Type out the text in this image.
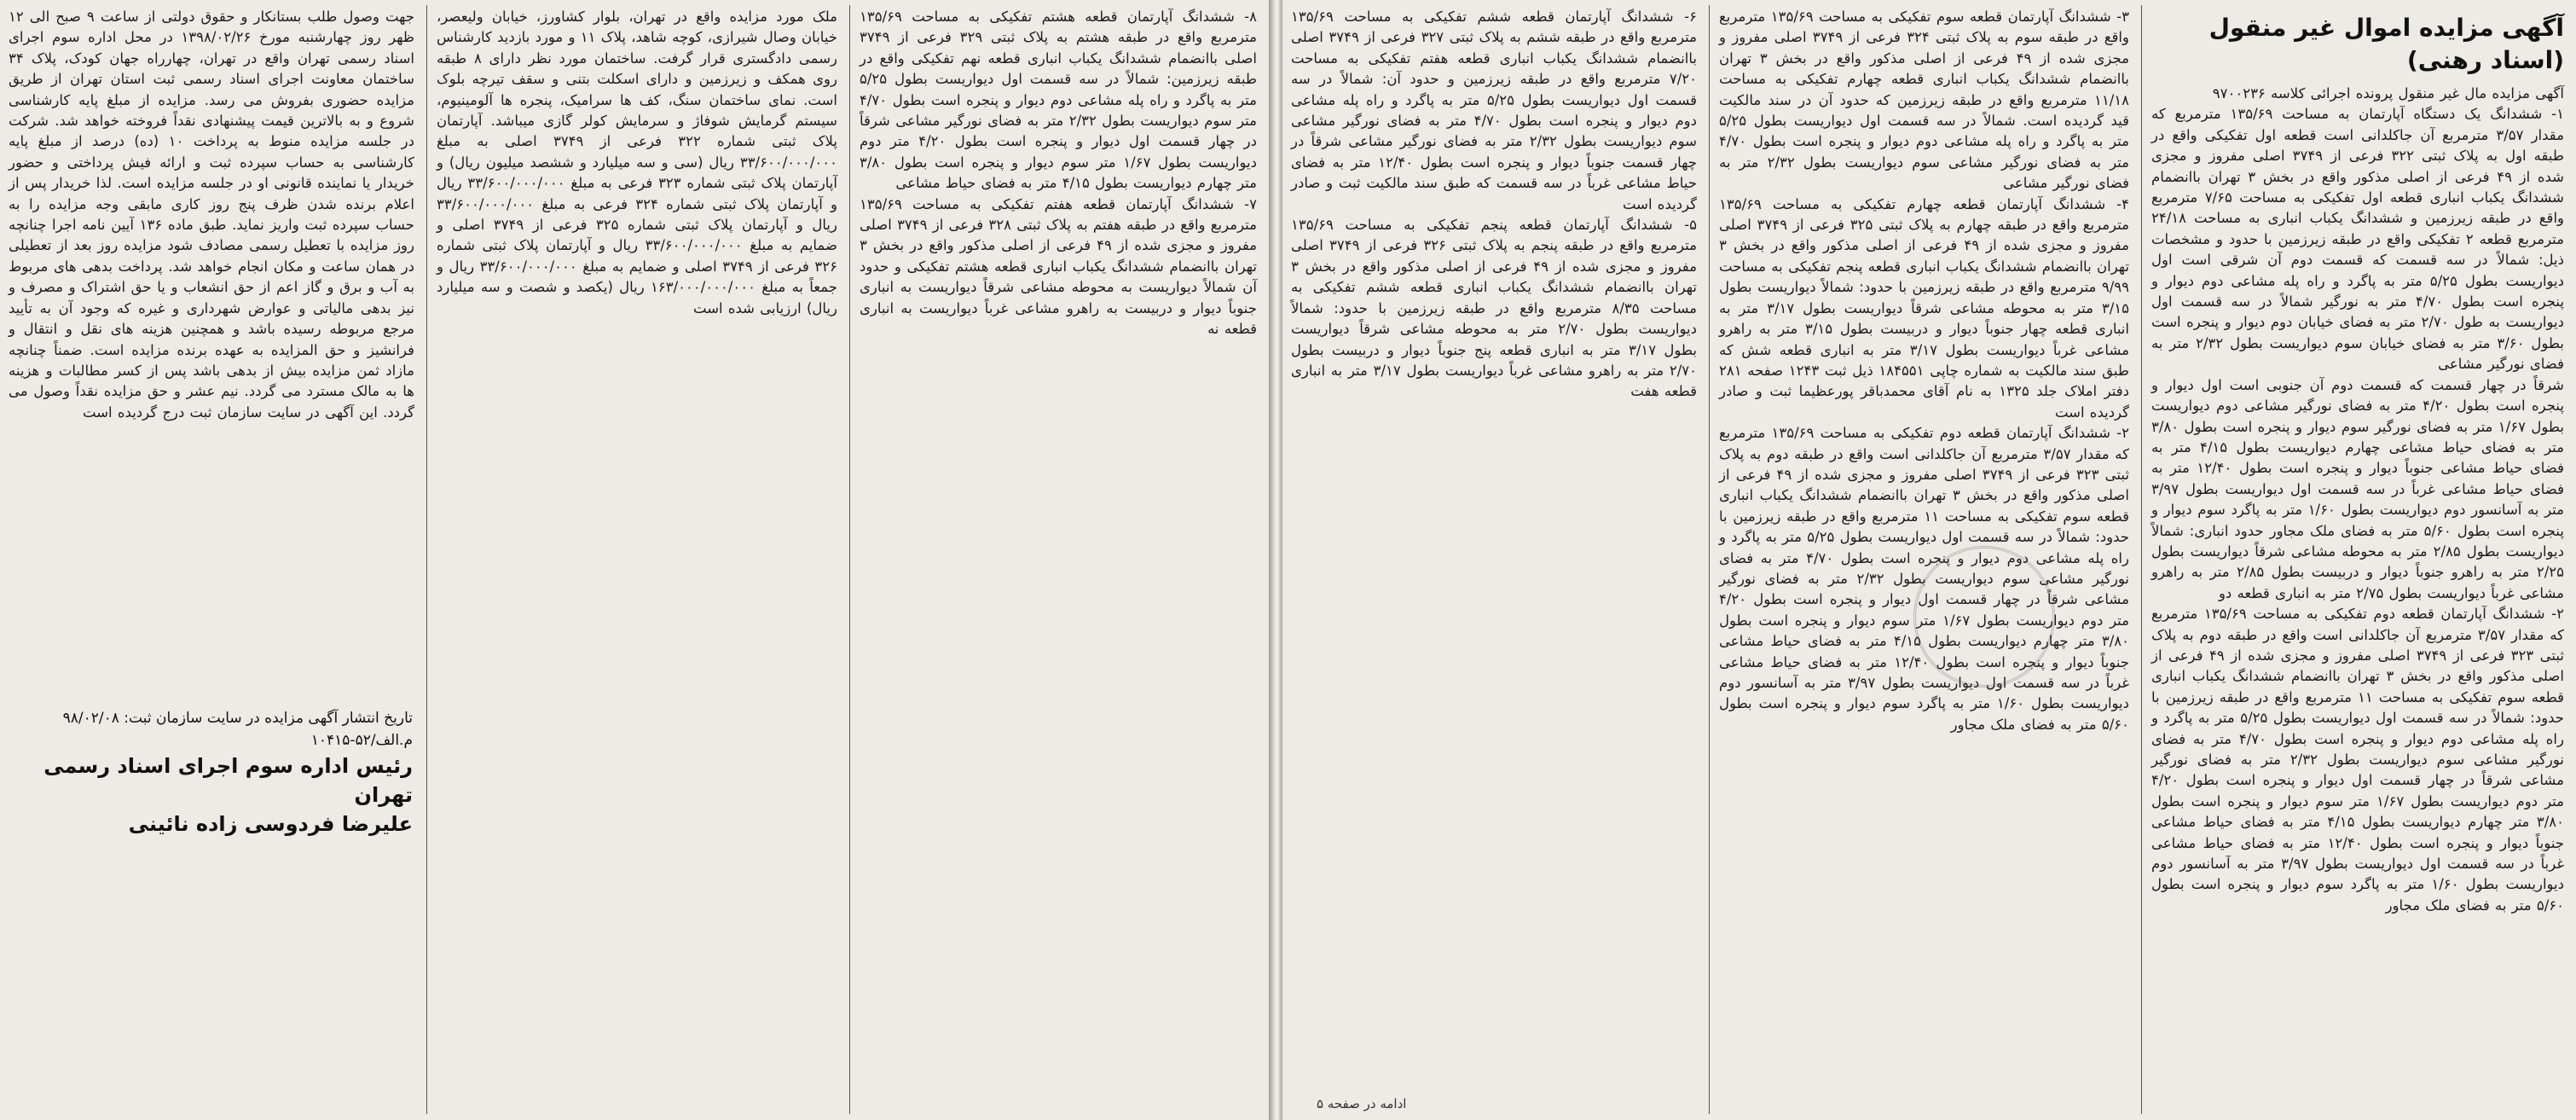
جهت وصول طلب بستانکار و حقوق دولتی از ساعت ۹ صبح الی ۱۲ ظهر روز چهارشنبه مورخ ۱۳۹۸/۰۲/۲۶ در محل اداره سوم اجرای اسناد رسمی تهران واقع در تهران، چهارراه جهان کودک، پلاک ۳۴ ساختمان معاونت اجرای اسناد رسمی ثبت استان تهران از طریق مزایده حضوری بفروش می رسد. مزایده از مبلغ پایه کارشناسی شروع و به بالاترین قیمت پیشنهادی نقداً فروخته خواهد شد. شرکت در جلسه مزایده منوط به پرداخت ۱۰ (ده) درصد از مبلغ پایه کارشناسی به حساب سپرده ثبت و ارائه فیش پرداختی و حضور خریدار یا نماینده قانونی او در جلسه مزایده است. لذا خریدار پس از اعلام برنده شدن ظرف پنج روز کاری مابقی وجه مزایده را به حساب سپرده ثبت واریز نماید. طبق ماده ۱۳۶ آیین نامه اجرا چنانچه روز مزایده با تعطیل رسمی مصادف شود مزایده روز بعد از تعطیلی در همان ساعت و مکان انجام خواهد شد. پرداخت بدهی های مربوط به آب و برق و گاز اعم از حق انشعاب و یا حق اشتراک و مصرف و نیز بدهی مالیاتی و عوارض شهرداری و غیره که وجود آن به تأیید مرجع مربوطه رسیده باشد و همچنین هزینه های نقل و انتقال و فرانشیز و حق المزایده به عهده برنده مزایده است. ضمناً چنانچه مازاد ثمن مزایده بیش از بدهی باشد پس از کسر مطالبات و هزینه ها به مالک مسترد می گردد. نیم عشر و حق مزایده نقداً وصول می گردد. این آگهی در سایت سازمان ثبت درج گردیده است
تاریخ انتشار آگهی مزایده در سایت سازمان ثبت: ۹۸/۰۲/۰۸
م.الف/۵۲-۱۰۴۱۵
رئیس اداره سوم اجرای اسناد رسمی تهران
علیرضا فردوسی زاده نائینی
ملک مورد مزایده واقع در تهران، بلوار کشاورز، خیابان ولیعصر، خیابان وصال شیرازی، کوچه شاهد، پلاک ۱۱ و مورد بازدید کارشناس رسمی دادگستری قرار گرفت. ساختمان مورد نظر دارای ۸ طبقه روی همکف و زیرزمین و دارای اسکلت بتنی و سقف تیرچه بلوک است. نمای ساختمان سنگ، کف ها سرامیک، پنجره ها آلومینیوم، سیستم گرمایش شوفاژ و سرمایش کولر گازی میباشد. آپارتمان پلاک ثبتی شماره ۳۲۲ فرعی از ۳۷۴۹ اصلی به مبلغ ۳۳/۶۰۰/۰۰۰/۰۰۰ ریال (سی و سه میلیارد و ششصد میلیون ریال) و آپارتمان پلاک ثبتی شماره ۳۲۳ فرعی به مبلغ ۳۳/۶۰۰/۰۰۰/۰۰۰ ریال و آپارتمان پلاک ثبتی شماره ۳۲۴ فرعی به مبلغ ۳۳/۶۰۰/۰۰۰/۰۰۰ ریال و آپارتمان پلاک ثبتی شماره ۳۲۵ فرعی از ۳۷۴۹ اصلی و ضمایم به مبلغ ۳۳/۶۰۰/۰۰۰/۰۰۰ ریال و آپارتمان پلاک ثبتی شماره ۳۲۶ فرعی از ۳۷۴۹ اصلی و ضمایم به مبلغ ۳۳/۶۰۰/۰۰۰/۰۰۰ ریال و جمعاً به مبلغ ۱۶۳/۰۰۰/۰۰۰/۰۰۰ ریال (یکصد و شصت و سه میلیارد ریال) ارزیابی شده است
۸- ششدانگ آپارتمان قطعه هشتم تفکیکی به مساحت ۱۳۵/۶۹ مترمربع واقع در طبقه هشتم به پلاک ثبتی ۳۲۹ فرعی از ۳۷۴۹ اصلی باانضمام ششدانگ یکباب انباری قطعه نهم تفکیکی واقع در طبقه زیرزمین: شمالاً در سه قسمت اول دیواریست بطول ۵/۲۵ متر به پاگرد و راه پله مشاعی دوم دیوار و پنجره است بطول ۴/۷۰ متر سوم دیواریست بطول ۲/۳۲ متر به فضای نورگیر مشاعی شرقاً در چهار قسمت اول دیوار و پنجره است بطول ۴/۲۰ متر دوم دیواریست بطول ۱/۶۷ متر سوم دیوار و پنجره است بطول ۳/۸۰ متر چهارم دیواریست بطول ۴/۱۵ متر به فضای حیاط مشاعی
۷- ششدانگ آپارتمان قطعه هفتم تفکیکی به مساحت ۱۳۵/۶۹ مترمربع واقع در طبقه هفتم به پلاک ثبتی ۳۲۸ فرعی از ۳۷۴۹ اصلی مفروز و مجزی شده از ۴۹ فرعی از اصلی مذکور واقع در بخش ۳ تهران باانضمام ششدانگ یکباب انباری قطعه هشتم تفکیکی و حدود آن شمالاً دیواریست به محوطه مشاعی شرقاً دیواریست به انباری جنوباً دیوار و دربیست به راهرو مشاعی غرباً دیواریست به انباری قطعه نه
۶- ششدانگ آپارتمان قطعه ششم تفکیکی به مساحت ۱۳۵/۶۹ مترمربع واقع در طبقه ششم به پلاک ثبتی ۳۲۷ فرعی از ۳۷۴۹ اصلی باانضمام ششدانگ یکباب انباری قطعه هفتم تفکیکی به مساحت ۷/۲۰ مترمربع واقع در طبقه زیرزمین و حدود آن: شمالاً در سه قسمت اول دیواریست بطول ۵/۲۵ متر به پاگرد و راه پله مشاعی دوم دیوار و پنجره است بطول ۴/۷۰ متر به فضای نورگیر مشاعی سوم دیواریست بطول ۲/۳۲ متر به فضای نورگیر مشاعی شرقاً در چهار قسمت جنوباً دیوار و پنجره است بطول ۱۲/۴۰ متر به فضای حیاط مشاعی غرباً در سه قسمت که طبق سند مالکیت ثبت و صادر گردیده است
۵- ششدانگ آپارتمان قطعه پنجم تفکیکی به مساحت ۱۳۵/۶۹ مترمربع واقع در طبقه پنجم به پلاک ثبتی ۳۲۶ فرعی از ۳۷۴۹ اصلی مفروز و مجزی شده از ۴۹ فرعی از اصلی مذکور واقع در بخش ۳ تهران باانضمام ششدانگ یکباب انباری قطعه ششم تفکیکی به مساحت ۸/۳۵ مترمربع واقع در طبقه زیرزمین با حدود: شمالاً دیواریست بطول ۲/۷۰ متر به محوطه مشاعی شرقاً دیواریست بطول ۳/۱۷ متر به انباری قطعه پنج جنوباً دیوار و دربیست بطول ۲/۷۰ متر به راهرو مشاعی غرباً دیواریست بطول ۳/۱۷ متر به انباری قطعه هفت
ادامه در صفحه ۵
۳- ششدانگ آپارتمان قطعه سوم تفکیکی به مساحت ۱۳۵/۶۹ مترمربع واقع در طبقه سوم به پلاک ثبتی ۳۲۴ فرعی از ۳۷۴۹ اصلی مفروز و مجزی شده از ۴۹ فرعی از اصلی مذکور واقع در بخش ۳ تهران باانضمام ششدانگ یکباب انباری قطعه چهارم تفکیکی به مساحت ۱۱/۱۸ مترمربع واقع در طبقه زیرزمین که حدود آن در سند مالکیت قید گردیده است. شمالاً در سه قسمت اول دیواریست بطول ۵/۲۵ متر به پاگرد و راه پله مشاعی دوم دیوار و پنجره است بطول ۴/۷۰ متر به فضای نورگیر مشاعی سوم دیواریست بطول ۲/۳۲ متر به فضای نورگیر مشاعی
۴- ششدانگ آپارتمان قطعه چهارم تفکیکی به مساحت ۱۳۵/۶۹ مترمربع واقع در طبقه چهارم به پلاک ثبتی ۳۲۵ فرعی از ۳۷۴۹ اصلی مفروز و مجزی شده از ۴۹ فرعی از اصلی مذکور واقع در بخش ۳ تهران باانضمام ششدانگ یکباب انباری قطعه پنجم تفکیکی به مساحت ۹/۹۹ مترمربع واقع در طبقه زیرزمین با حدود: شمالاً دیواریست بطول ۳/۱۵ متر به محوطه مشاعی شرقاً دیواریست بطول ۳/۱۷ متر به انباری قطعه چهار جنوباً دیوار و دربیست بطول ۳/۱۵ متر به راهرو مشاعی غرباً دیواریست بطول ۳/۱۷ متر به انباری قطعه شش که طبق سند مالکیت به شماره چاپی ۱۸۴۵۵۱ ذیل ثبت ۱۲۴۳ صفحه ۲۸۱ دفتر املاک جلد ۱۳۲۵ به نام آقای محمدباقر پورعظیما ثبت و صادر گردیده است
۲- ششدانگ آپارتمان قطعه دوم تفکیکی به مساحت ۱۳۵/۶۹ مترمربع که مقدار ۳/۵۷ مترمربع آن جاکلدانی است واقع در طبقه دوم به پلاک ثبتی ۳۲۳ فرعی از ۳۷۴۹ اصلی مفروز و مجزی شده از ۴۹ فرعی از اصلی مذکور واقع در بخش ۳ تهران باانضمام ششدانگ یکباب انباری قطعه سوم تفکیکی به مساحت ۱۱ مترمربع واقع در طبقه زیرزمین با حدود: شمالاً در سه قسمت اول دیواریست بطول ۵/۲۵ متر به پاگرد و راه پله مشاعی دوم دیوار و پنجره است بطول ۴/۷۰ متر به فضای نورگیر مشاعی سوم دیواریست بطول ۲/۳۲ متر به فضای نورگیر مشاعی شرقاً در چهار قسمت اول دیوار و پنجره است بطول ۴/۲۰ متر دوم دیواریست بطول ۱/۶۷ متر سوم دیوار و پنجره است بطول ۳/۸۰ متر چهارم دیواریست بطول ۴/۱۵ متر به فضای حیاط مشاعی جنوباً دیوار و پنجره است بطول ۱۲/۴۰ متر به فضای حیاط مشاعی غرباً در سه قسمت اول دیواریست بطول ۳/۹۷ متر به آسانسور دوم دیواریست بطول ۱/۶۰ متر به پاگرد سوم دیوار و پنجره است بطول ۵/۶۰ متر به فضای ملک مجاور
آگهی مزایده اموال غیر منقول (اسناد رهنی)
آگهی مزایده مال غیر منقول پرونده اجرائی کلاسه ۹۷۰۰۲۳۶
۱- ششدانگ یک دستگاه آپارتمان به مساحت ۱۳۵/۶۹ مترمربع که مقدار ۳/۵۷ مترمربع آن جاکلدانی است قطعه اول تفکیکی واقع در طبقه اول به پلاک ثبتی ۳۲۲ فرعی از ۳۷۴۹ اصلی مفروز و مجزی شده از ۴۹ فرعی از اصلی مذکور واقع در بخش ۳ تهران باانضمام ششدانگ یکباب انباری قطعه اول تفکیکی به مساحت ۷/۶۵ مترمربع واقع در طبقه زیرزمین و ششدانگ یکباب انباری به مساحت ۲۴/۱۸ مترمربع قطعه ۲ تفکیکی واقع در طبقه زیرزمین با حدود و مشخصات ذیل: شمالاً در سه قسمت که قسمت دوم آن شرقی است اول دیواریست بطول ۵/۲۵ متر به پاگرد و راه پله مشاعی دوم دیوار و پنجره است بطول ۴/۷۰ متر به نورگیر شمالاً در سه قسمت اول دیواریست به طول ۲/۷۰ متر به فضای خیابان دوم دیوار و پنجره است بطول ۳/۶۰ متر به فضای خیابان سوم دیواریست بطول ۲/۳۲ متر به فضای نورگیر مشاعی
شرقاً در چهار قسمت که قسمت دوم آن جنوبی است اول دیوار و پنجره است بطول ۴/۲۰ متر به فضای نورگیر مشاعی دوم دیواریست بطول ۱/۶۷ متر به فضای نورگیر سوم دیوار و پنجره است بطول ۳/۸۰ متر به فضای حیاط مشاعی چهارم دیواریست بطول ۴/۱۵ متر به فضای حیاط مشاعی جنوباً دیوار و پنجره است بطول ۱۲/۴۰ متر به فضای حیاط مشاعی غرباً در سه قسمت اول دیواریست بطول ۳/۹۷ متر به آسانسور دوم دیواریست بطول ۱/۶۰ متر به پاگرد سوم دیوار و پنجره است بطول ۵/۶۰ متر به فضای ملک مجاور حدود انباری: شمالاً دیواریست بطول ۲/۸۵ متر به محوطه مشاعی شرقاً دیواریست بطول ۲/۲۵ متر به راهرو جنوباً دیوار و دربیست بطول ۲/۸۵ متر به راهرو مشاعی غرباً دیواریست بطول ۲/۷۵ متر به انباری قطعه دو
۲- ششدانگ آپارتمان قطعه دوم تفکیکی به مساحت ۱۳۵/۶۹ مترمربع که مقدار ۳/۵۷ مترمربع آن جاکلدانی است واقع در طبقه دوم به پلاک ثبتی ۳۲۳ فرعی از ۳۷۴۹ اصلی مفروز و مجزی شده از ۴۹ فرعی از اصلی مذکور واقع در بخش ۳ تهران باانضمام ششدانگ یکباب انباری قطعه سوم تفکیکی به مساحت ۱۱ مترمربع واقع در طبقه زیرزمین با حدود: شمالاً در سه قسمت اول دیواریست بطول ۵/۲۵ متر به پاگرد و راه پله مشاعی دوم دیوار و پنجره است بطول ۴/۷۰ متر به فضای نورگیر مشاعی سوم دیواریست بطول ۲/۳۲ متر به فضای نورگیر مشاعی شرقاً در چهار قسمت اول دیوار و پنجره است بطول ۴/۲۰ متر دوم دیواریست بطول ۱/۶۷ متر سوم دیوار و پنجره است بطول ۳/۸۰ متر چهارم دیواریست بطول ۴/۱۵ متر به فضای حیاط مشاعی جنوباً دیوار و پنجره است بطول ۱۲/۴۰ متر به فضای حیاط مشاعی غرباً در سه قسمت اول دیواریست بطول ۳/۹۷ متر به آسانسور دوم دیواریست بطول ۱/۶۰ متر به پاگرد سوم دیوار و پنجره است بطول ۵/۶۰ متر به فضای ملک مجاور
